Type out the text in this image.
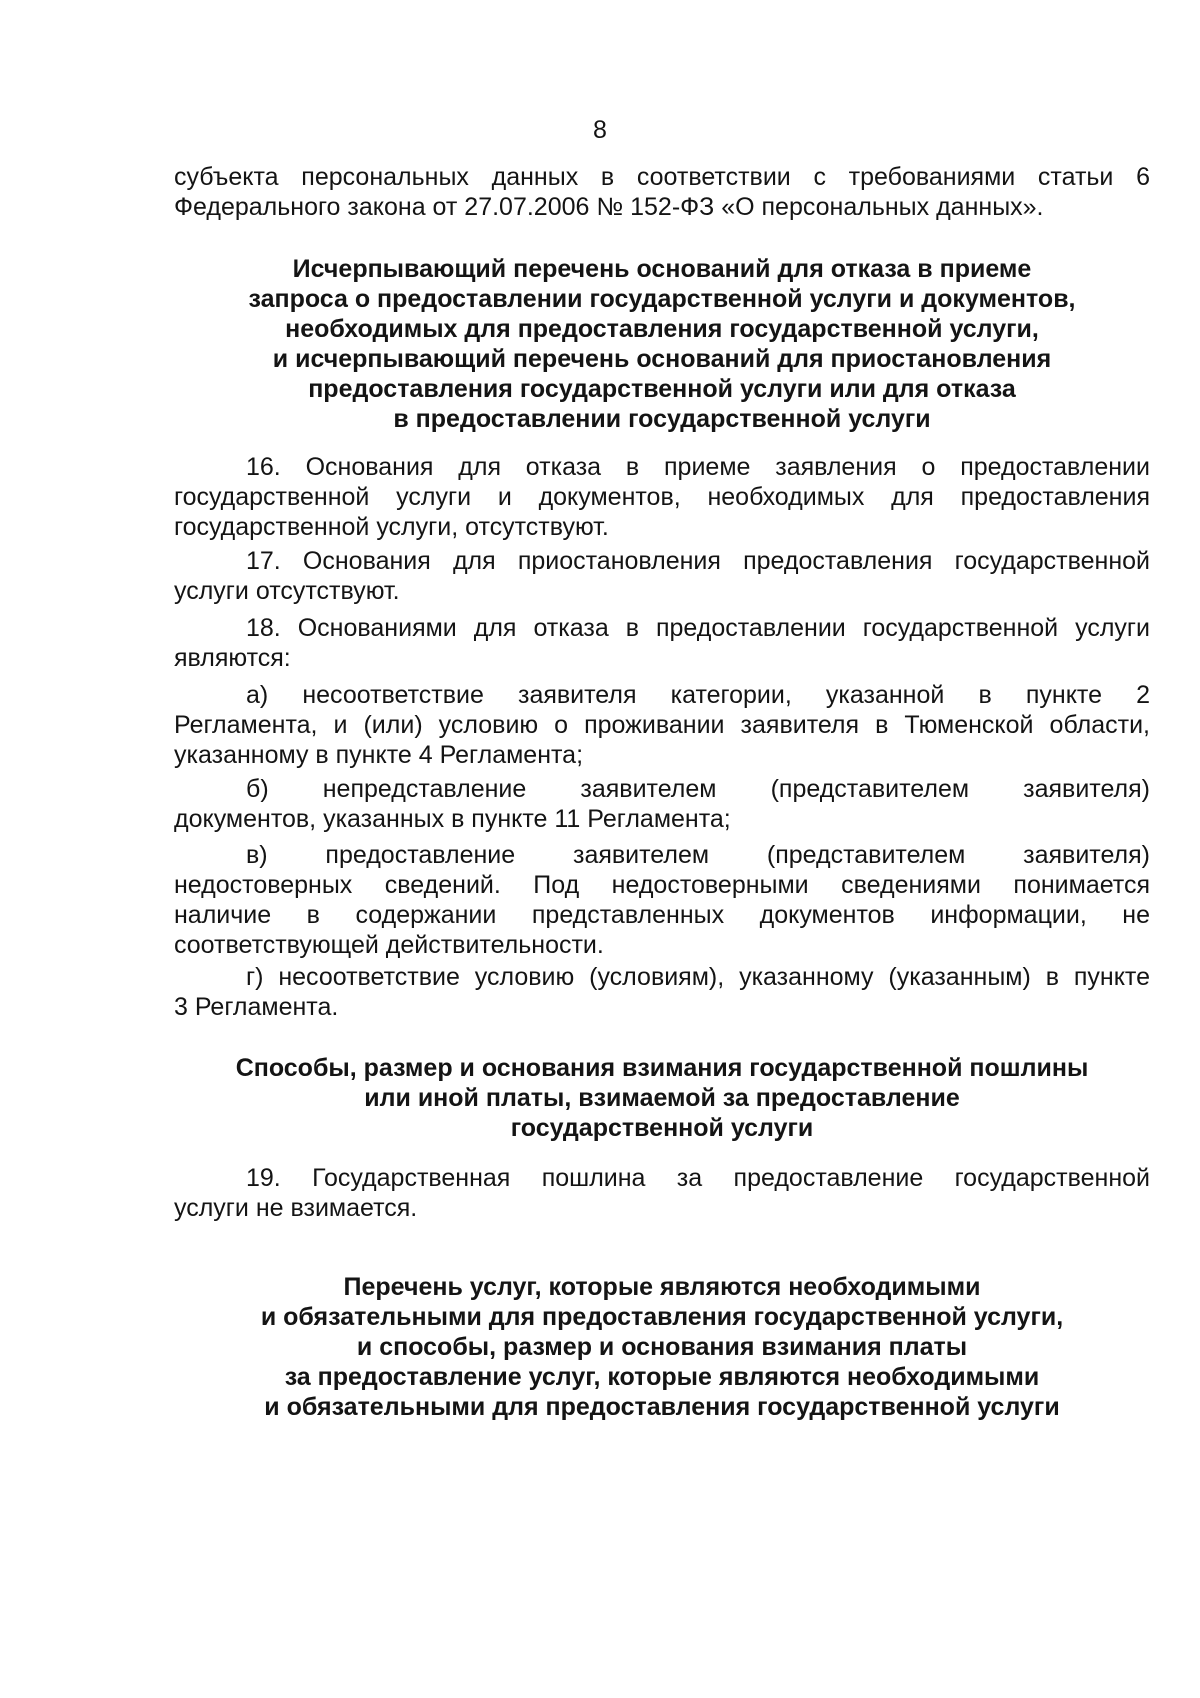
8
субъекта персональных данных в соответствии с требованиями статьи 6
Федерального закона от 27.07.2006 № 152-ФЗ «О персональных данных».
Исчерпывающий перечень оснований для отказа в приеме
запроса о предоставлении государственной услуги и документов,
необходимых для предоставления государственной услуги,
и исчерпывающий перечень оснований для приостановления
предоставления государственной услуги или для отказа
в предоставлении государственной услуги
16. Основания для отказа в приеме заявления о предоставлении
государственной услуги и документов, необходимых для предоставления
государственной услуги, отсутствуют.
17. Основания для приостановления предоставления государственной
услуги отсутствуют.
18. Основаниями для отказа в предоставлении государственной услуги
являются:
а) несоответствие заявителя категории, указанной в пункте 2
Регламента, и (или) условию о проживании заявителя в Тюменской области,
указанному в пункте 4 Регламента;
б) непредставление заявителем (представителем заявителя)
документов, указанных в пункте 11 Регламента;
в) предоставление заявителем (представителем заявителя)
недостоверных сведений. Под недостоверными сведениями понимается
наличие в содержании представленных документов информации, не
соответствующей действительности.
г) несоответствие условию (условиям), указанному (указанным) в пункте
3 Регламента.
Способы, размер и основания взимания государственной пошлины
или иной платы, взимаемой за предоставление
государственной услуги
19. Государственная пошлина за предоставление государственной
услуги не взимается.
Перечень услуг, которые являются необходимыми
и обязательными для предоставления государственной услуги,
и способы, размер и основания взимания платы
за предоставление услуг, которые являются необходимыми
и обязательными для предоставления государственной услуги
